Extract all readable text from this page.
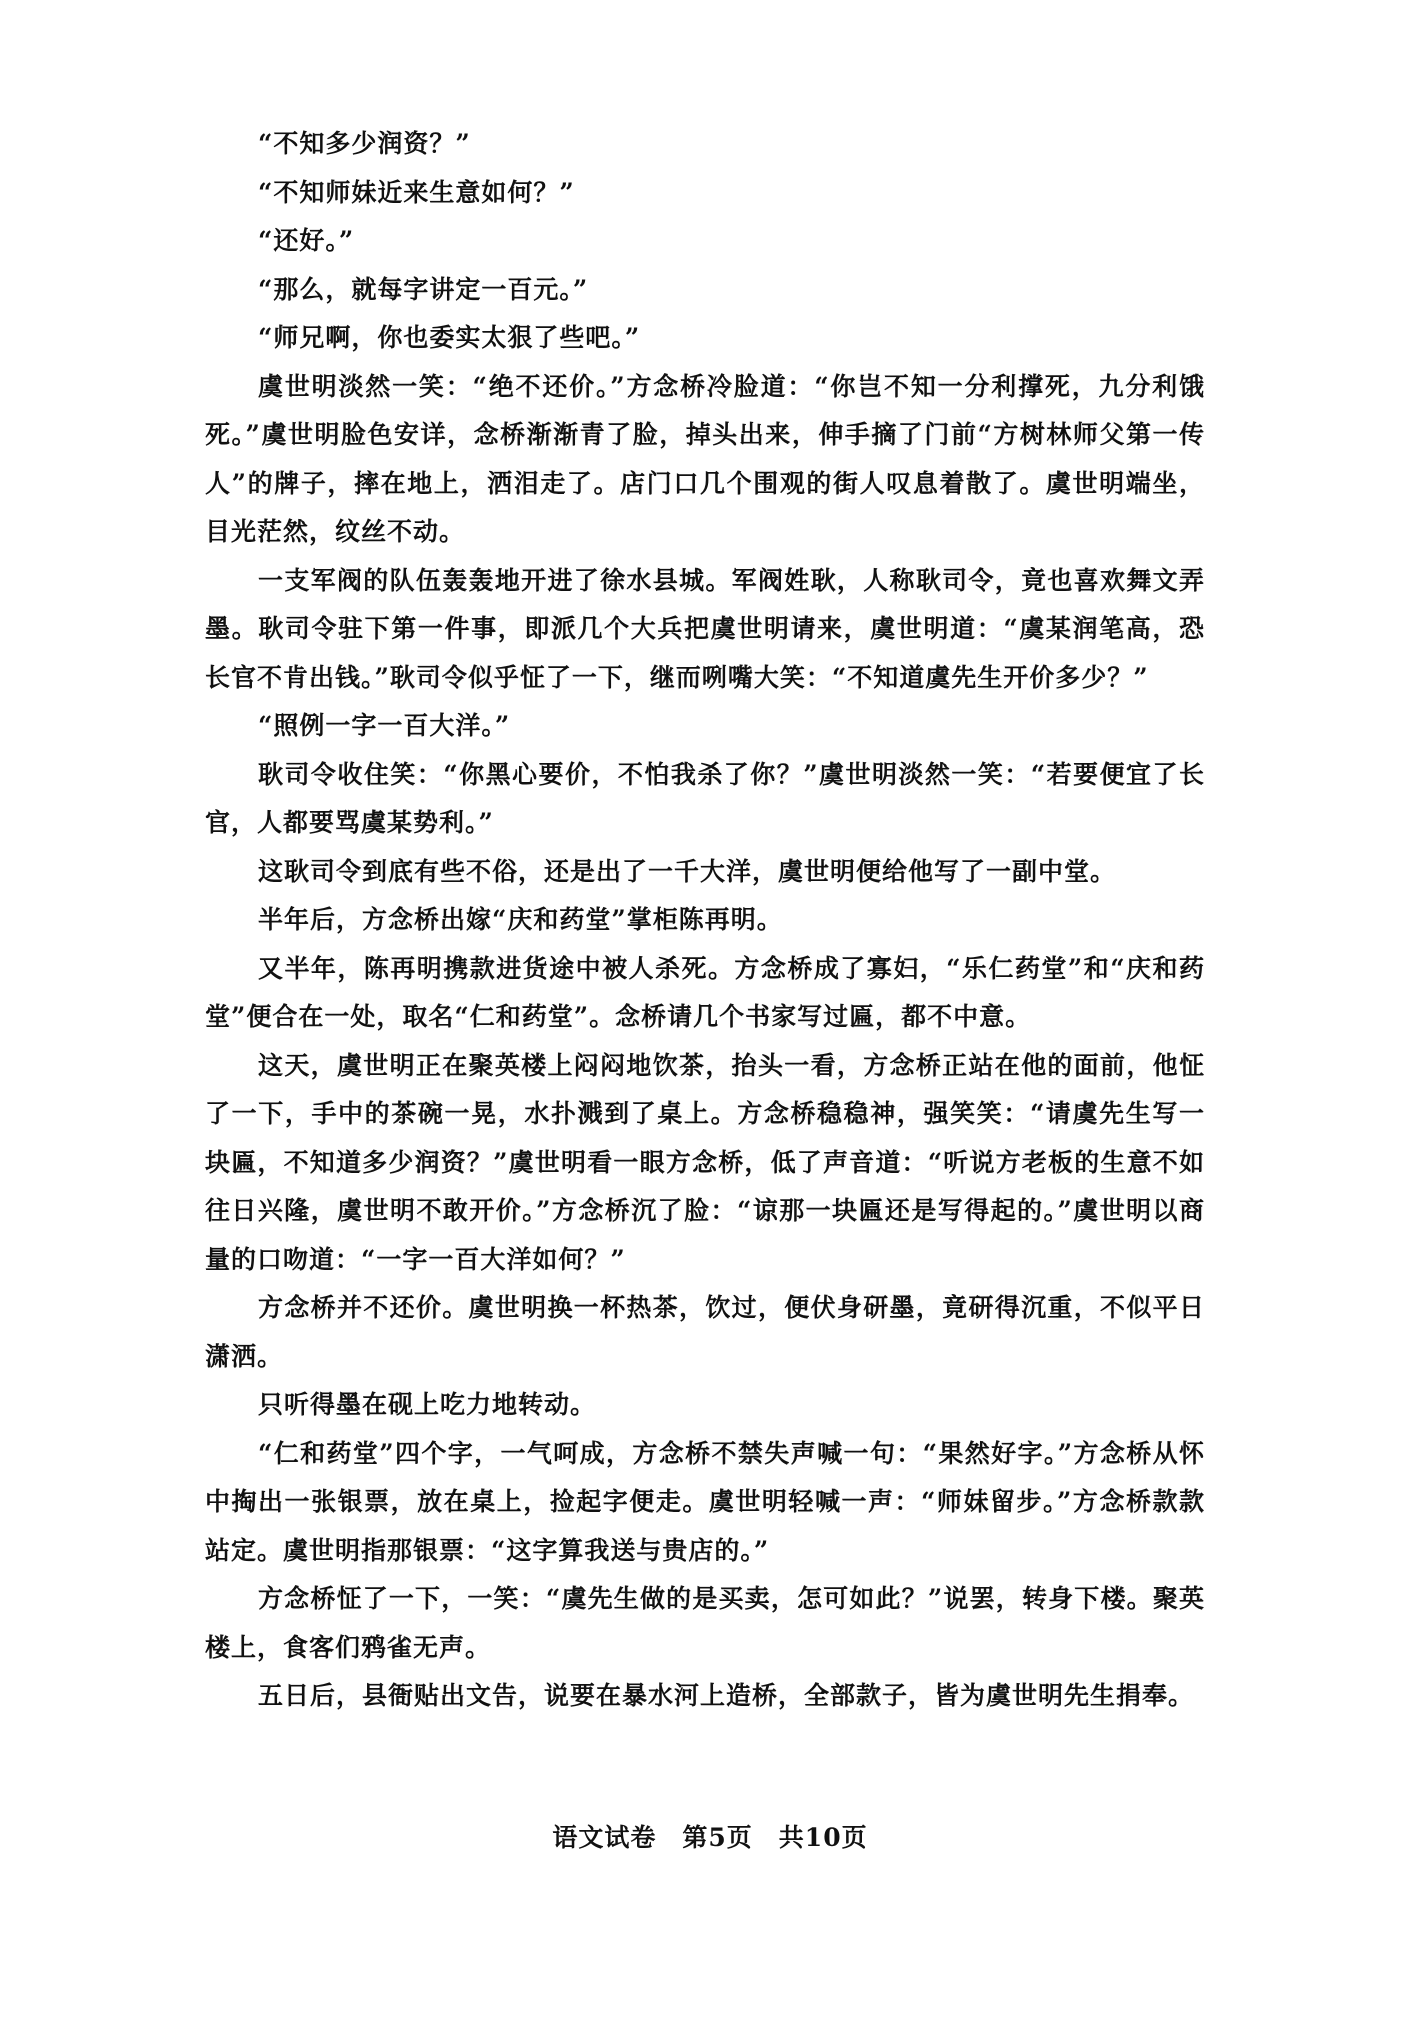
“不知多少润资？”

“不知师妹近来生意如何？”

“还好。”

“那么，就每字讲定一百元。”

“师兄啊，你也委实太狠了些吧。”

虞世明淡然一笑：“绝不还价。”方念桥冷脸道：“你岂不知一分利撑死，九分利饿死。”虞世明脸色安详，念桥渐渐青了脸，掉头出来，伸手摘了门前“方树林师父第一传人”的牌子，摔在地上，洒泪走了。店门口几个围观的街人叹息着散了。虞世明端坐，目光茫然，纹丝不动。

一支军阀的队伍轰轰地开进了徐水县城。军阀姓耿，人称耿司令，竟也喜欢舞文弄墨。耿司令驻下第一件事，即派几个大兵把虞世明请来，虞世明道：“虞某润笔高，恐长官不肯出钱。”耿司令似乎怔了一下，继而咧嘴大笑：“不知道虞先生开价多少？”

“照例一字一百大洋。”

耿司令收住笑：“你黑心要价，不怕我杀了你？”虞世明淡然一笑：“若要便宜了长官，人都要骂虞某势利。”

这耿司令到底有些不俗，还是出了一千大洋，虞世明便给他写了一副中堂。

半年后，方念桥出嫁“庆和药堂”掌柜陈再明。

又半年，陈再明携款进货途中被人杀死。方念桥成了寡妇，“乐仁药堂”和“庆和药堂”便合在一处，取名“仁和药堂”。念桥请几个书家写过匾，都不中意。

这天，虞世明正在聚英楼上闷闷地饮茶，抬头一看，方念桥正站在他的面前，他怔了一下，手中的茶碗一晃，水扑溅到了桌上。方念桥稳稳神，强笑笑：“请虞先生写一块匾，不知道多少润资？”虞世明看一眼方念桥，低了声音道：“听说方老板的生意不如往日兴隆，虞世明不敢开价。”方念桥沉了脸：“谅那一块匾还是写得起的。”虞世明以商量的口吻道：“一字一百大洋如何？”

方念桥并不还价。虞世明换一杯热茶，饮过，便伏身研墨，竟研得沉重，不似平日潇洒。

只听得墨在砚上吃力地转动。

“仁和药堂”四个字，一气呵成，方念桥不禁失声喊一句：“果然好字。”方念桥从怀中掏出一张银票，放在桌上，捡起字便走。虞世明轻喊一声：“师妹留步。”方念桥款款站定。虞世明指那银票：“这字算我送与贵店的。”

方念桥怔了一下，一笑：“虞先生做的是买卖，怎可如此？”说罢，转身下楼。聚英楼上，食客们鸦雀无声。

五日后，县衙贴出文告，说要在暴水河上造桥，全部款子，皆为虞世明先生捐奉。

语文试卷　第5页　共10页
